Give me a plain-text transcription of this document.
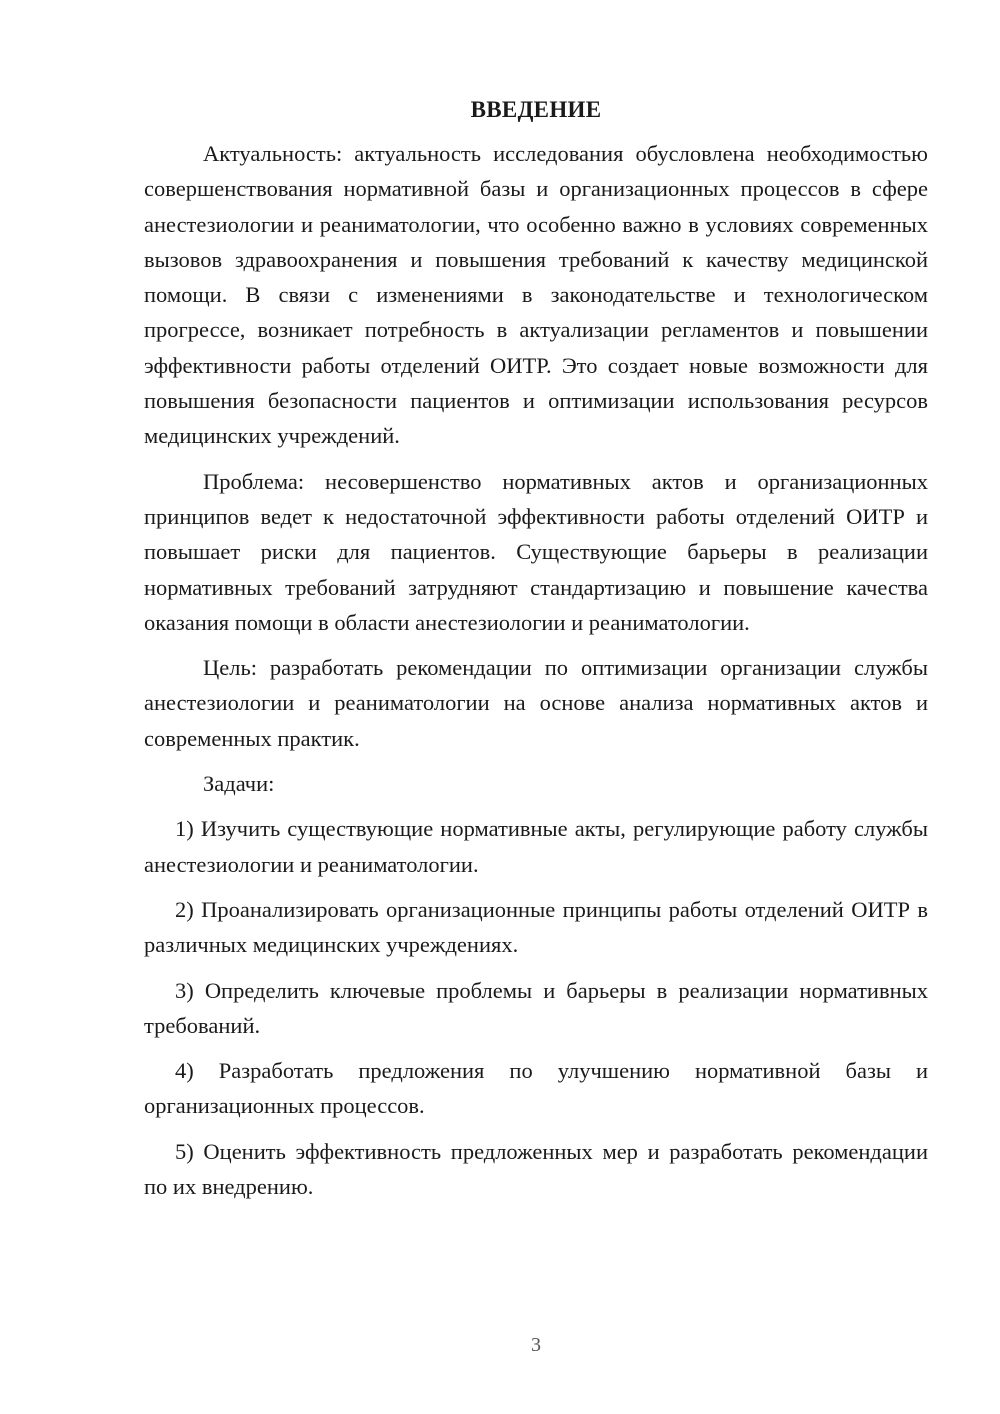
ВВЕДЕНИЕ

Актуальность: актуальность исследования обусловлена необходимостью совершенствования нормативной базы и организационных процессов в сфере анестезиологии и реаниматологии, что особенно важно в условиях современных вызовов здравоохранения и повышения требований к качеству медицинской помощи. В связи с изменениями в законодательстве и технологическом прогрессе, возникает потребность в актуализации регламентов и повышении эффективности работы отделений ОИТР. Это создает новые возможности для повышения безопасности пациентов и оптимизации использования ресурсов медицинских учреждений.

Проблема: несовершенство нормативных актов и организационных принципов ведет к недостаточной эффективности работы отделений ОИТР и повышает риски для пациентов. Существующие барьеры в реализации нормативных требований затрудняют стандартизацию и повышение качества оказания помощи в области анестезиологии и реаниматологии.

Цель: разработать рекомендации по оптимизации организации службы анестезиологии и реаниматологии на основе анализа нормативных актов и современных практик.

Задачи:

1) Изучить существующие нормативные акты, регулирующие работу службы анестезиологии и реаниматологии.

2) Проанализировать организационные принципы работы отделений ОИТР в различных медицинских учреждениях.

3) Определить ключевые проблемы и барьеры в реализации нормативных требований.

4) Разработать предложения по улучшению нормативной базы и организационных процессов.

5) Оценить эффективность предложенных мер и разработать рекомендации по их внедрению.

3
